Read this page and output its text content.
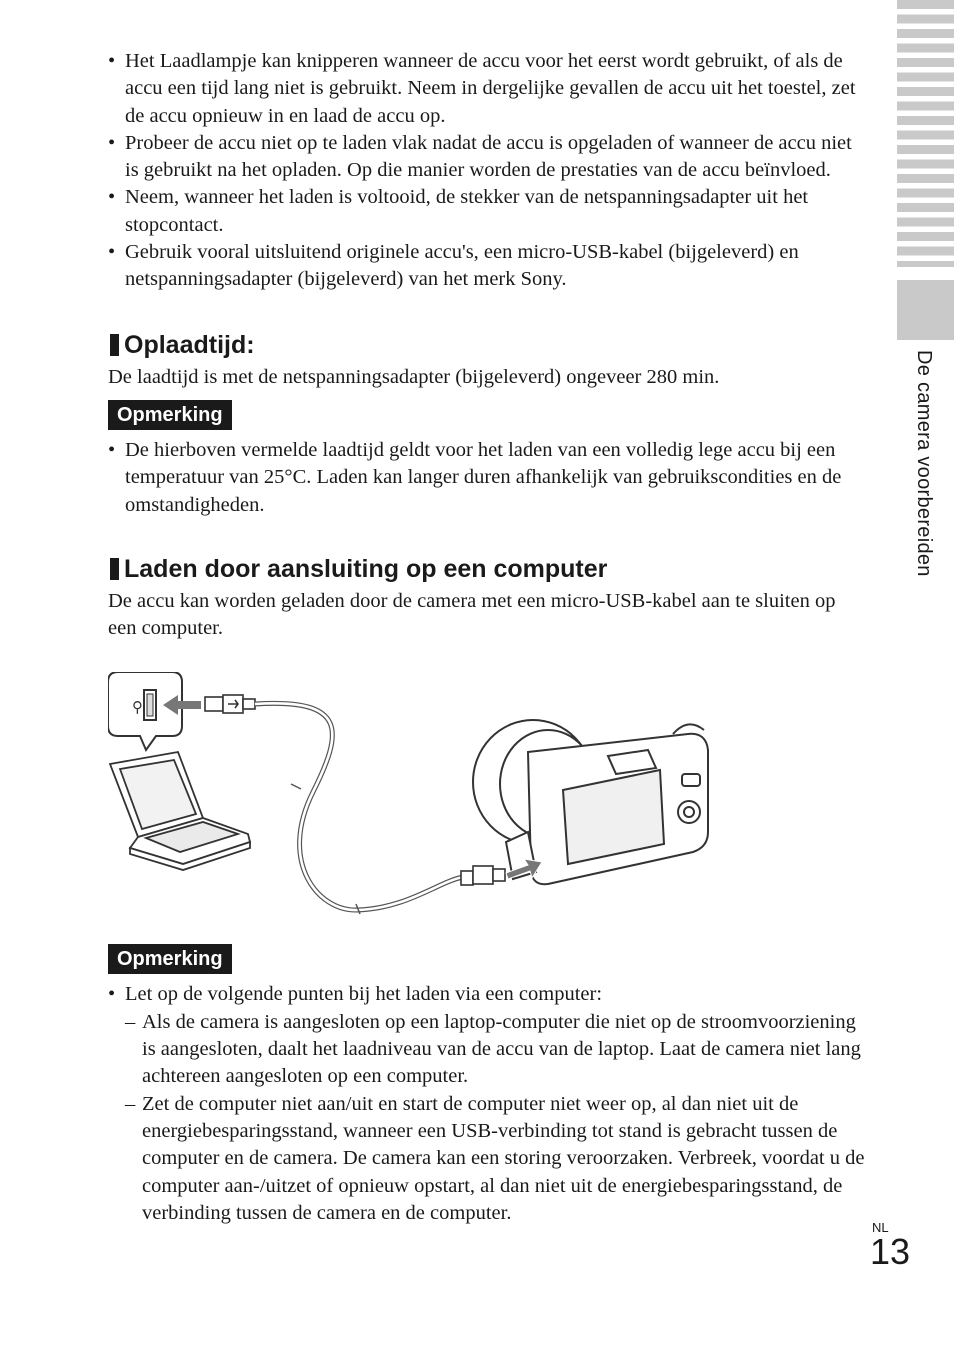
De camera voorbereiden
• Het Laadlampje kan knipperen wanneer de accu voor het eerst wordt gebruikt, of als de accu een tijd lang niet is gebruikt. Neem in dergelijke gevallen de accu uit het toestel, zet de accu opnieuw in en laad de accu op.
• Probeer de accu niet op te laden vlak nadat de accu is opgeladen of wanneer de accu niet is gebruikt na het opladen. Op die manier worden de prestaties van de accu beïnvloed.
• Neem, wanneer het laden is voltooid, de stekker van de netspanningsadapter uit het stopcontact.
• Gebruik vooral uitsluitend originele accu's, een micro-USB-kabel (bijgeleverd) en netspanningsadapter (bijgeleverd) van het merk Sony.
Oplaadtijd:

De laadtijd is met de netspanningsadapter (bijgeleverd) ongeveer 280 min.

Opmerking
• De hierboven vermelde laadtijd geldt voor het laden van een volledig lege accu bij een temperatuur van 25°C. Laden kan langer duren afhankelijk van gebruikscondities en de omstandigheden.
Laden door aansluiting op een computer

De accu kan worden geladen door de camera met een micro-USB-kabel aan te sluiten op een computer.

⚲
Opmerking
• Let op de volgende punten bij het laden via een computer:
– Als de camera is aangesloten op een laptop-computer die niet op de stroomvoorziening is aangesloten, daalt het laadniveau van de accu van de laptop. Laat de camera niet lang achtereen aangesloten op een computer.
– Zet de computer niet aan/uit en start de computer niet weer op, al dan niet uit de energiebesparingsstand, wanneer een USB-verbinding tot stand is gebracht tussen de computer en de camera. De camera kan een storing veroorzaken. Verbreek, voordat u de computer aan-/uitzet of opnieuw opstart, al dan niet uit de energiebesparingsstand, de verbinding tussen de camera en de computer.
NL
13
